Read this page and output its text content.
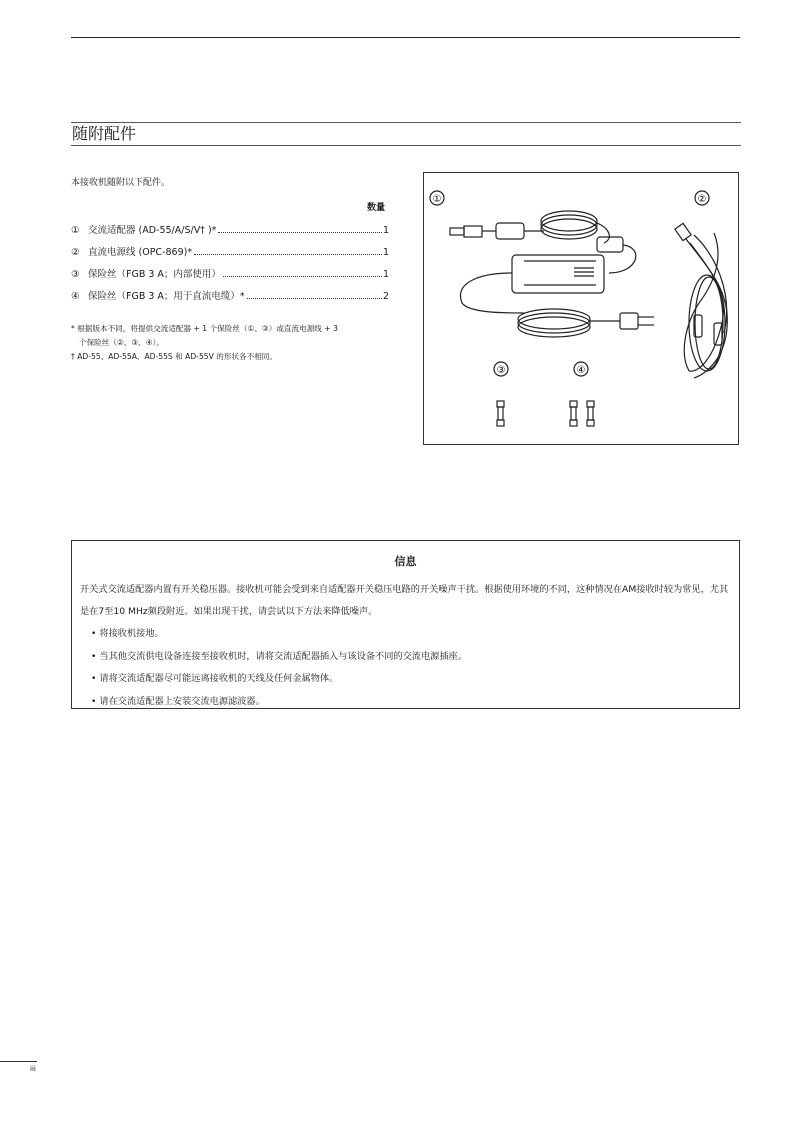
随附配件
本接收机随附以下配件。
数量
① 交流适配器 (AD-55/A/S/V† )*	1
② 直流电源线 (OPC-869)*	1
③ 保险丝（FGB 3 A；内部使用）	1
④ 保险丝（FGB 3 A；用于直流电缆）*	2

* 根据版本不同，将提供交流适配器 + 1 个保险丝（①、③）或直流电源线 + 3

个保险丝（②、③、④）。

† AD-55、AD-55A、AD-55S 和 AD-55V 的形状各不相同。

①	②
③	④
信息
开关式交流适配器内置有开关稳压器。接收机可能会受到来自适配器开关稳压电路的开关噪声干扰。根据使用环境的不同，这种情况在AM接收时较为常见，尤其是在7至10 MHz频段附近。如果出现干扰，请尝试以下方法来降低噪声。
• 将接收机接地。
• 当其他交流供电设备连接至接收机时，请将交流适配器插入与该设备不同的交流电源插座。
• 请将交流适配器尽可能远离接收机的天线及任何金属物体。
• 请在交流适配器上安装交流电源滤波器。
iii
